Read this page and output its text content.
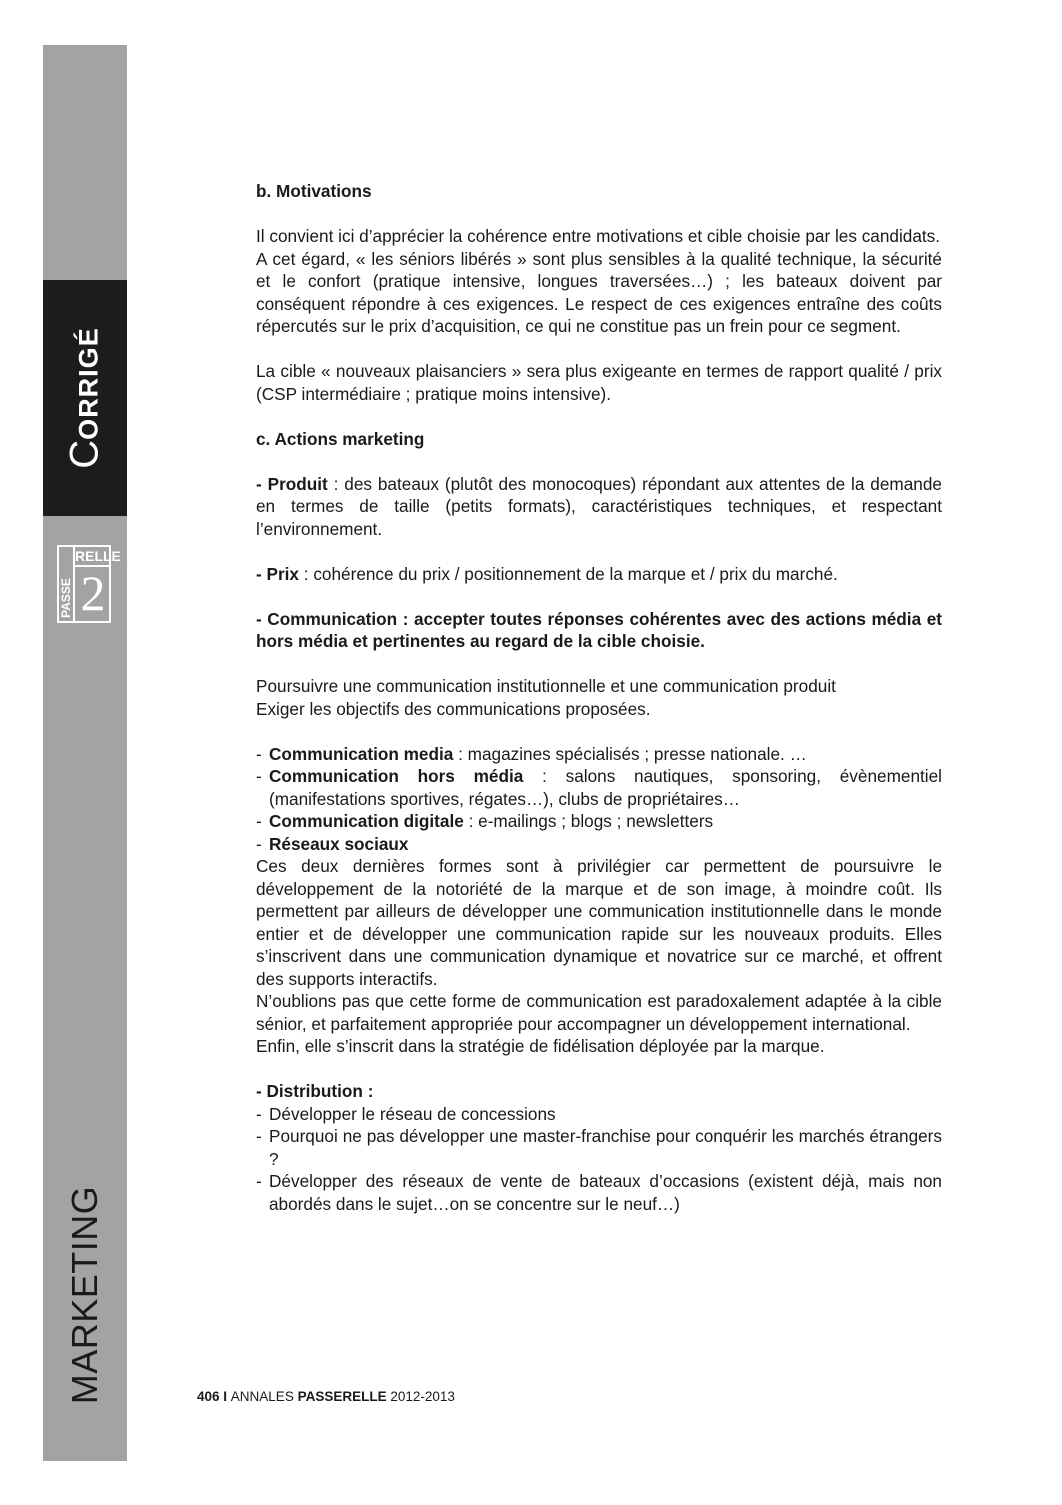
CORRIGÉ
RELLE
PASSE 2
MARKETING

b. Motivations

Il convient ici d’apprécier la cohérence entre motivations et cible choisie par les candidats.

A cet égard, « les séniors libérés » sont plus sensibles à la qualité technique, la sécurité et le confort (pratique intensive, longues traversées…) ; les bateaux doivent par conséquent répondre à ces exigences. Le respect de ces exigences entraîne des coûts répercutés sur le prix d’acquisition, ce qui ne constitue pas un frein pour ce segment.

La cible « nouveaux plaisanciers » sera plus exigeante en termes de rapport qualité / prix (CSP intermédiaire ; pratique moins intensive).

c. Actions marketing

- Produit : des bateaux (plutôt des monocoques) répondant aux attentes de la demande en termes de taille (petits formats), caractéristiques techniques, et respectant l’environnement.

- Prix : cohérence du prix / positionnement de la marque et / prix du marché.

- Communication : accepter toutes réponses cohérentes avec des actions média et hors média et pertinentes au regard de la cible choisie.

Poursuivre une communication institutionnelle et une communication produit

Exiger les objectifs des communications proposées.

- Communication media : magazines spécialisés ; presse nationale. …
- Communication hors média : salons nautiques, sponsoring, évènementiel (manifestations sportives, régates…), clubs de propriétaires…
- Communication digitale : e-mailings ; blogs ; newsletters
- Réseaux sociaux

Ces deux dernières formes sont à privilégier car permettent de poursuivre le développement de la notoriété de la marque et de son image, à moindre coût. Ils permettent par ailleurs de développer une communication institutionnelle dans le monde entier et de développer une communication rapide sur les nouveaux produits. Elles s’inscrivent dans une communication dynamique et novatrice sur ce marché, et offrent des supports interactifs.

N’oublions pas que cette forme de communication est paradoxalement adaptée à la cible sénior, et parfaitement appropriée pour accompagner un développement international.

Enfin, elle s’inscrit dans la stratégie de fidélisation déployée par la marque.

- Distribution :

- Développer le réseau de concessions
- Pourquoi ne pas développer une master-franchise pour conquérir les marchés étrangers ?
- Développer des réseaux de vente de bateaux d’occasions (existent déjà, mais non abordés dans le sujet…on se concentre sur le neuf…)
406 I ANNALES PASSERELLE 2012-2013
